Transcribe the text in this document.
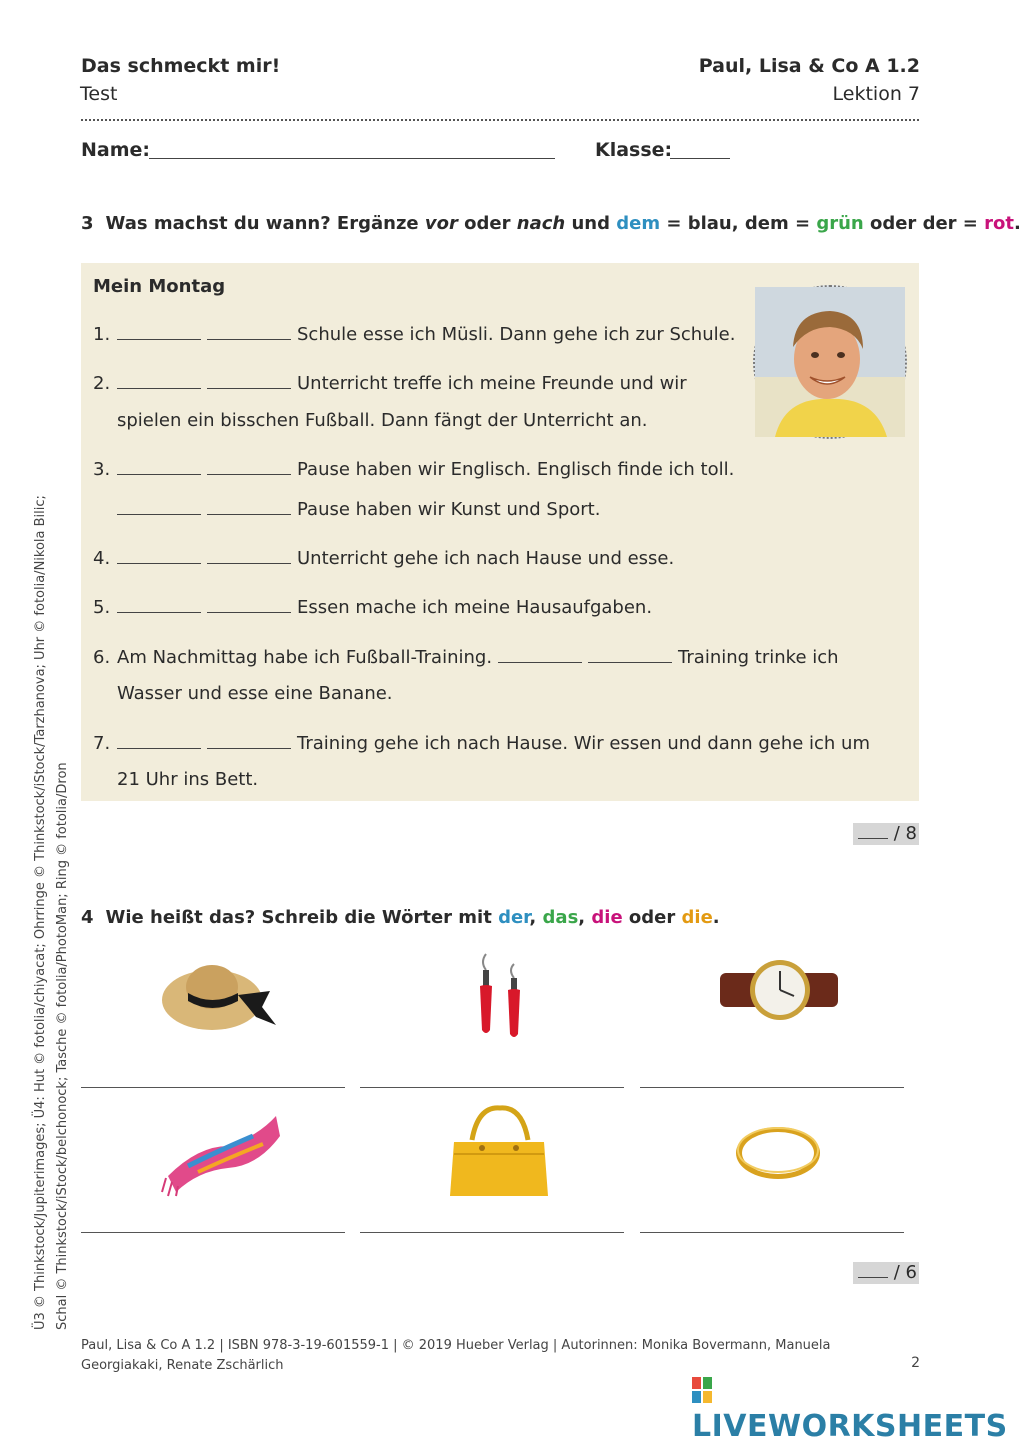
Das schmeckt mir!
Test
Paul, Lisa & Co A 1.2
Lektion 7
Name:	Klasse:
3 Was machst du wann? Ergänze vor oder nach und dem = blau, dem = grün oder der = rot.
Mein Montag
1.	Schule esse ich Müsli. Dann gehe ich zur Schule.
2.	Unterricht treffe ich meine Freunde und wir
spielen ein bisschen Fußball. Dann fängt der Unterricht an.
3.	Pause haben wir Englisch. Englisch finde ich toll.
Pause haben wir Kunst und Sport.
4.	Unterricht gehe ich nach Hause und esse.
5.	Essen mache ich meine Hausaufgaben.
6. Am Nachmittag habe ich Fußball-Training.	Training trinke ich
Wasser und esse eine Banane.
7.	Training gehe ich nach Hause. Wir essen und dann gehe ich um
21 Uhr ins Bett.
/ 8
4 Wie heißt das? Schreib die Wörter mit der, das, die oder die.
/ 6
Ü3 © Thinkstock/Jupiterimages; Ü4: Hut © fotolia/chiyacat; Ohrringe © Thinkstock/iStock/Tarzhanova; Uhr © fotolia/Nikola Bilic; Schal © Thinkstock/iStock/belchonock; Tasche © fotolia/PhotoMan; Ring © fotolia/Dron
Paul, Lisa & Co A 1.2 | ISBN 978-3-19-601559-1 | © 2019 Hueber Verlag | Autorinnen: Monika Bovermann, Manuela Georgiakaki, Renate Zschärlich	2
LIVEWORKSHEETS
